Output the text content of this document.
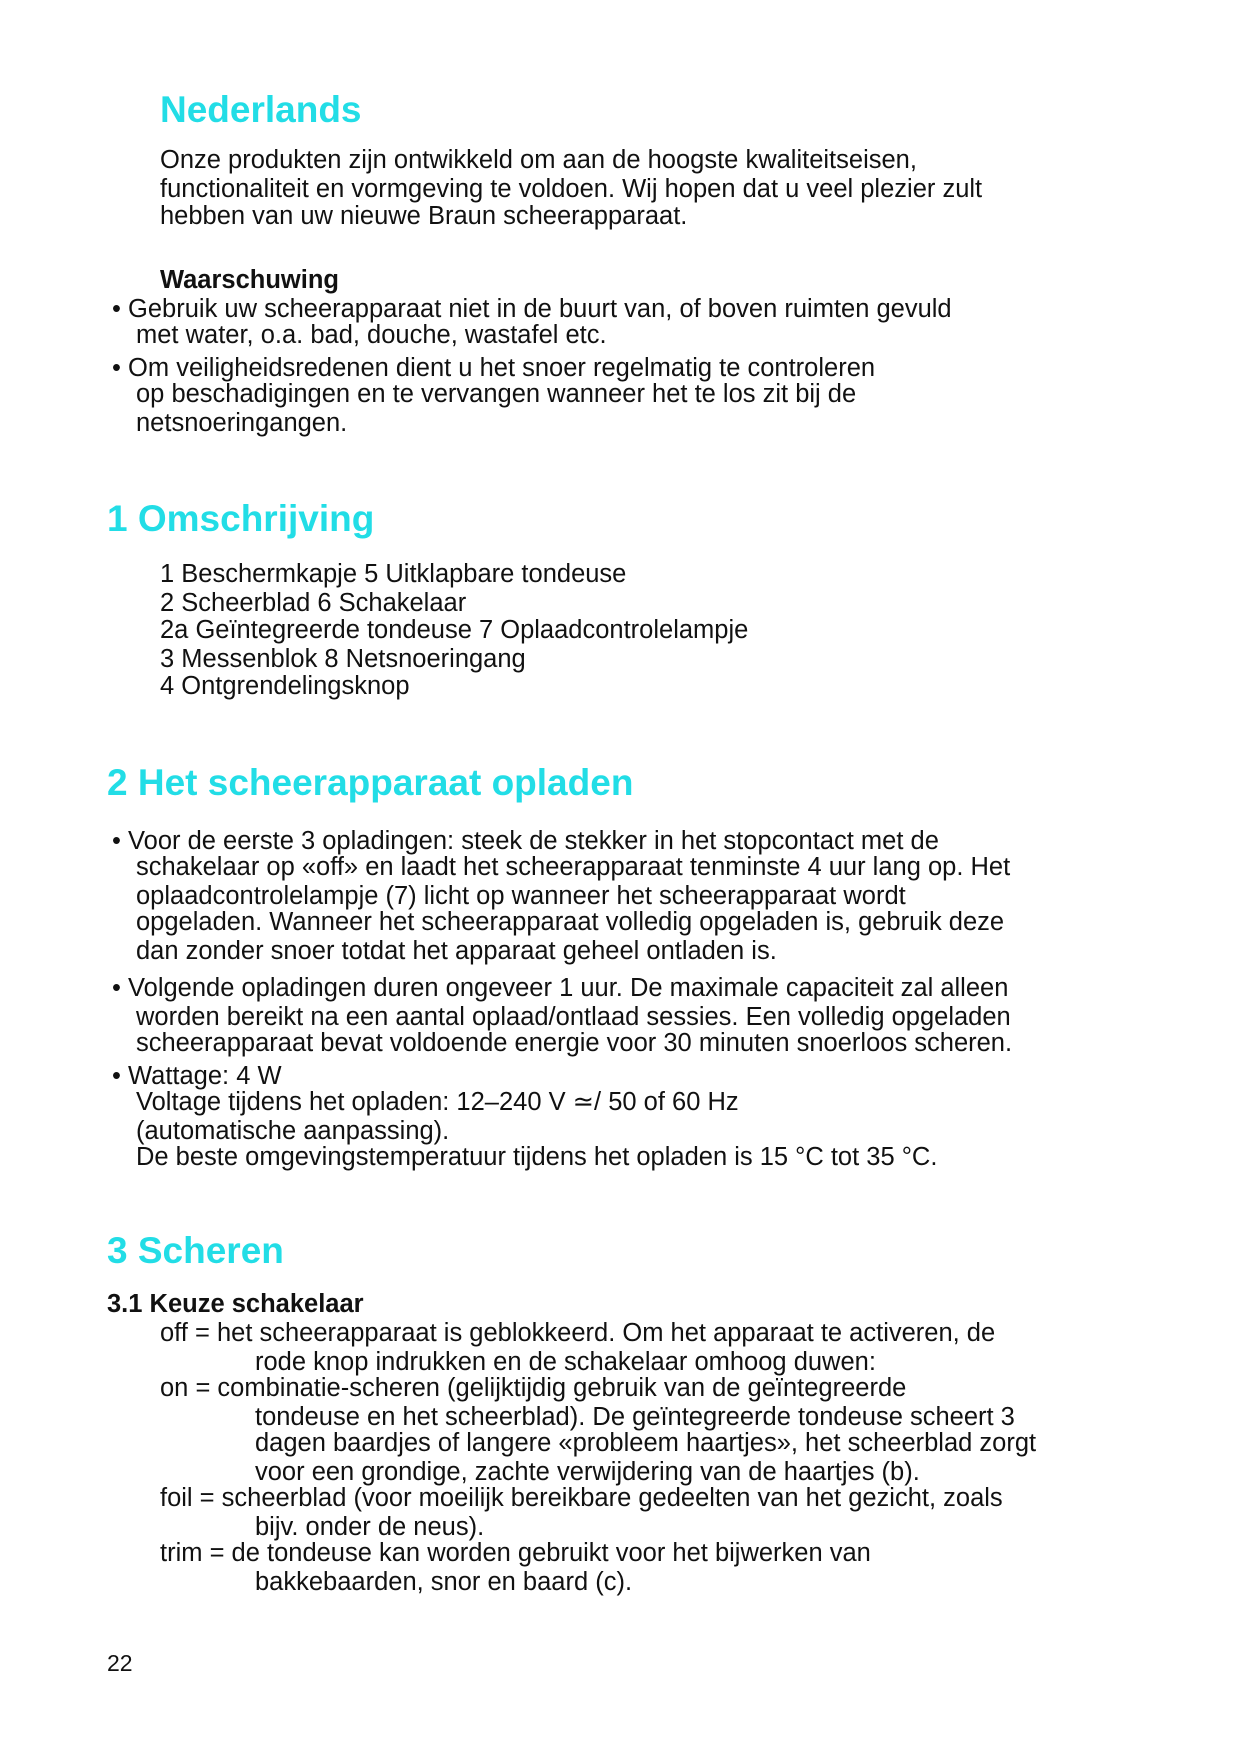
Nederlands
Onze produkten zijn ontwikkeld om aan de hoogste kwaliteitseisen,
functionaliteit en vormgeving te voldoen. Wij hopen dat u veel plezier zult
hebben van uw nieuwe Braun scheerapparaat.
Waarschuwing
• Gebruik uw scheerapparaat niet in de buurt van, of boven ruimten gevuld
met water, o.a. bad, douche, wastafel etc.
• Om veiligheidsredenen dient u het snoer regelmatig te controleren
op beschadigingen en te vervangen wanneer het te los zit bij de
netsnoeringangen.
1 Omschrijving
1 Beschermkapje 5 Uitklapbare tondeuse
2 Scheerblad 6 Schakelaar
2a Geïntegreerde tondeuse 7 Oplaadcontrolelampje
3 Messenblok 8 Netsnoeringang
4 Ontgrendelingsknop
2 Het scheerapparaat opladen
• Voor de eerste 3 opladingen: steek de stekker in het stopcontact met de
schakelaar op «off» en laadt het scheerapparaat tenminste 4 uur lang op. Het
oplaadcontrolelampje (7) licht op wanneer het scheerapparaat wordt
opgeladen. Wanneer het scheerapparaat volledig opgeladen is, gebruik deze
dan zonder snoer totdat het apparaat geheel ontladen is.
• Volgende opladingen duren ongeveer 1 uur. De maximale capaciteit zal alleen
worden bereikt na een aantal oplaad/ontlaad sessies. Een volledig opgeladen
scheerapparaat bevat voldoende energie voor 30 minuten snoerloos scheren.
• Wattage: 4 W
Voltage tijdens het opladen: 12–240 V ≃/ 50 of 60 Hz
(automatische aanpassing).
De beste omgevingstemperatuur tijdens het opladen is 15 °C tot 35 °C.
3 Scheren
3.1 Keuze schakelaar
off = het scheerapparaat is geblokkeerd. Om het apparaat te activeren, de
rode knop indrukken en de schakelaar omhoog duwen:
on = combinatie-scheren (gelijktijdig gebruik van de geïntegreerde
tondeuse en het scheerblad). De geïntegreerde tondeuse scheert 3
dagen baardjes of langere «probleem haartjes», het scheerblad zorgt
voor een grondige, zachte verwijdering van de haartjes (b).
foil = scheerblad (voor moeilijk bereikbare gedeelten van het gezicht, zoals
bijv. onder de neus).
trim = de tondeuse kan worden gebruikt voor het bijwerken van
bakkebaarden, snor en baard (c).
22
